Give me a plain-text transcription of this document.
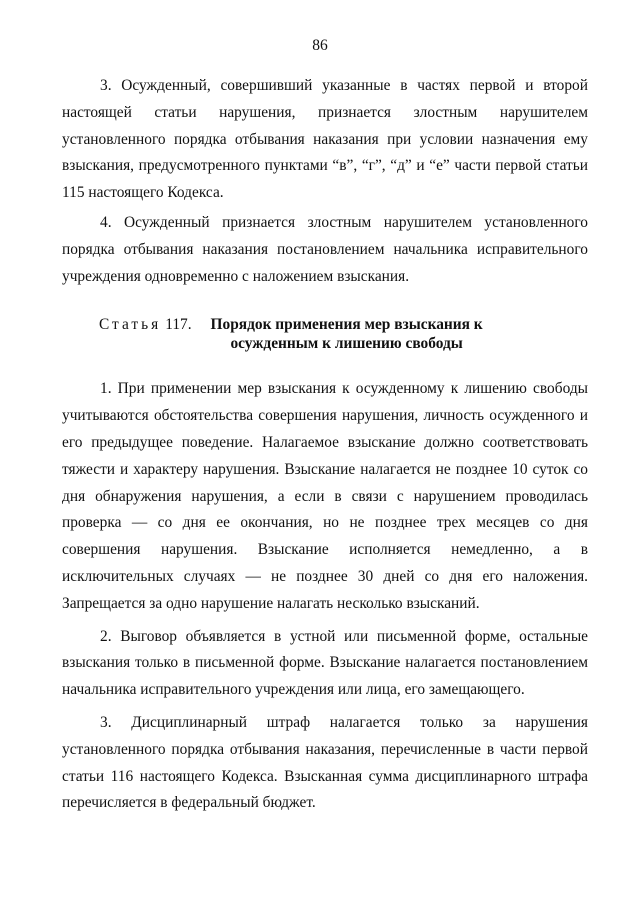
86

3. Осужденный, совершивший указанные в частях первой и второй настоящей статьи нарушения, признается злостным нарушителем установленного порядка отбывания наказания при условии назначения ему взыскания, предусмотренного пунктами “в”, “г”, “д” и “е” части первой статьи 115 настоящего Кодекса.

4. Осужденный признается злостным нарушителем установленного порядка отбывания наказания постановлением начальника исправительного учреждения одновременно с наложением взыскания.

Статья 117.	Порядок применения мер взыскания к осужденным к лишению свободы

1. При применении мер взыскания к осужденному к лишению свободы учитываются обстоятельства совершения нарушения, личность осужденного и его предыдущее поведение. Налагаемое взыскание должно соответствовать тяжести и характеру нарушения. Взыскание налагается не позднее 10 суток со дня обнаружения нарушения, а если в связи с нарушением проводилась проверка — со дня ее окончания, но не позднее трех месяцев со дня совершения нарушения. Взыскание исполняется немедленно, а в исключительных случаях — не позднее 30 дней со дня его наложения. Запрещается за одно нарушение налагать несколько взысканий.

2. Выговор объявляется в устной или письменной форме, остальные взыскания только в письменной форме. Взыскание налагается постановлением начальника исправительного учреждения или лица, его замещающего.

3. Дисциплинарный штраф налагается только за нарушения установленного порядка отбывания наказания, перечисленные в части первой статьи 116 настоящего Кодекса. Взысканная сумма дисциплинарного штрафа перечисляется в федеральный бюджет.
